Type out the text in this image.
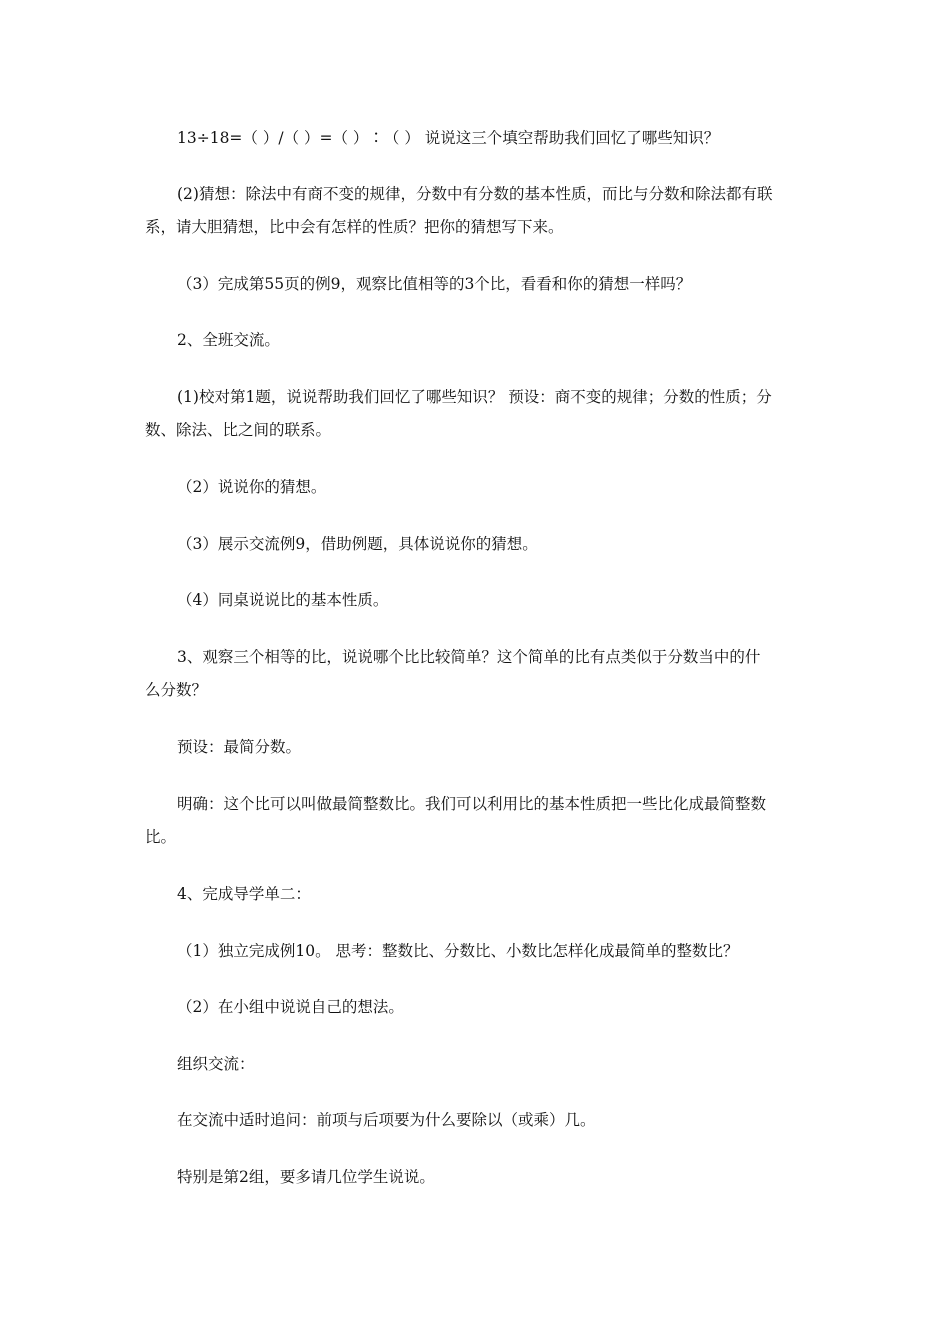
13÷18=（ ）/（ ）=（ ）∶（ ） 说说这三个填空帮助我们回忆了哪些知识？

(2)猜想：除法中有商不变的规律，分数中有分数的基本性质，而比与分数和除法都有联

系，请大胆猜想，比中会有怎样的性质？把你的猜想写下来。

（3）完成第55页的例9，观察比值相等的3个比，看看和你的猜想一样吗？

2、全班交流。

(1)校对第1题，说说帮助我们回忆了哪些知识？ 预设：商不变的规律；分数的性质；分

数、除法、比之间的联系。

（2）说说你的猜想。

（3）展示交流例9，借助例题，具体说说你的猜想。

（4）同桌说说比的基本性质。

3、观察三个相等的比，说说哪个比比较简单？这个简单的比有点类似于分数当中的什

么分数？

预设：最简分数。

明确：这个比可以叫做最简整数比。我们可以利用比的基本性质把一些比化成最简整数

比。

4、完成导学单二：

（1）独立完成例10。 思考：整数比、分数比、小数比怎样化成最简单的整数比？

（2）在小组中说说自己的想法。

组织交流：

在交流中适时追问：前项与后项要为什么要除以（或乘）几。

特别是第2组，要多请几位学生说说。
